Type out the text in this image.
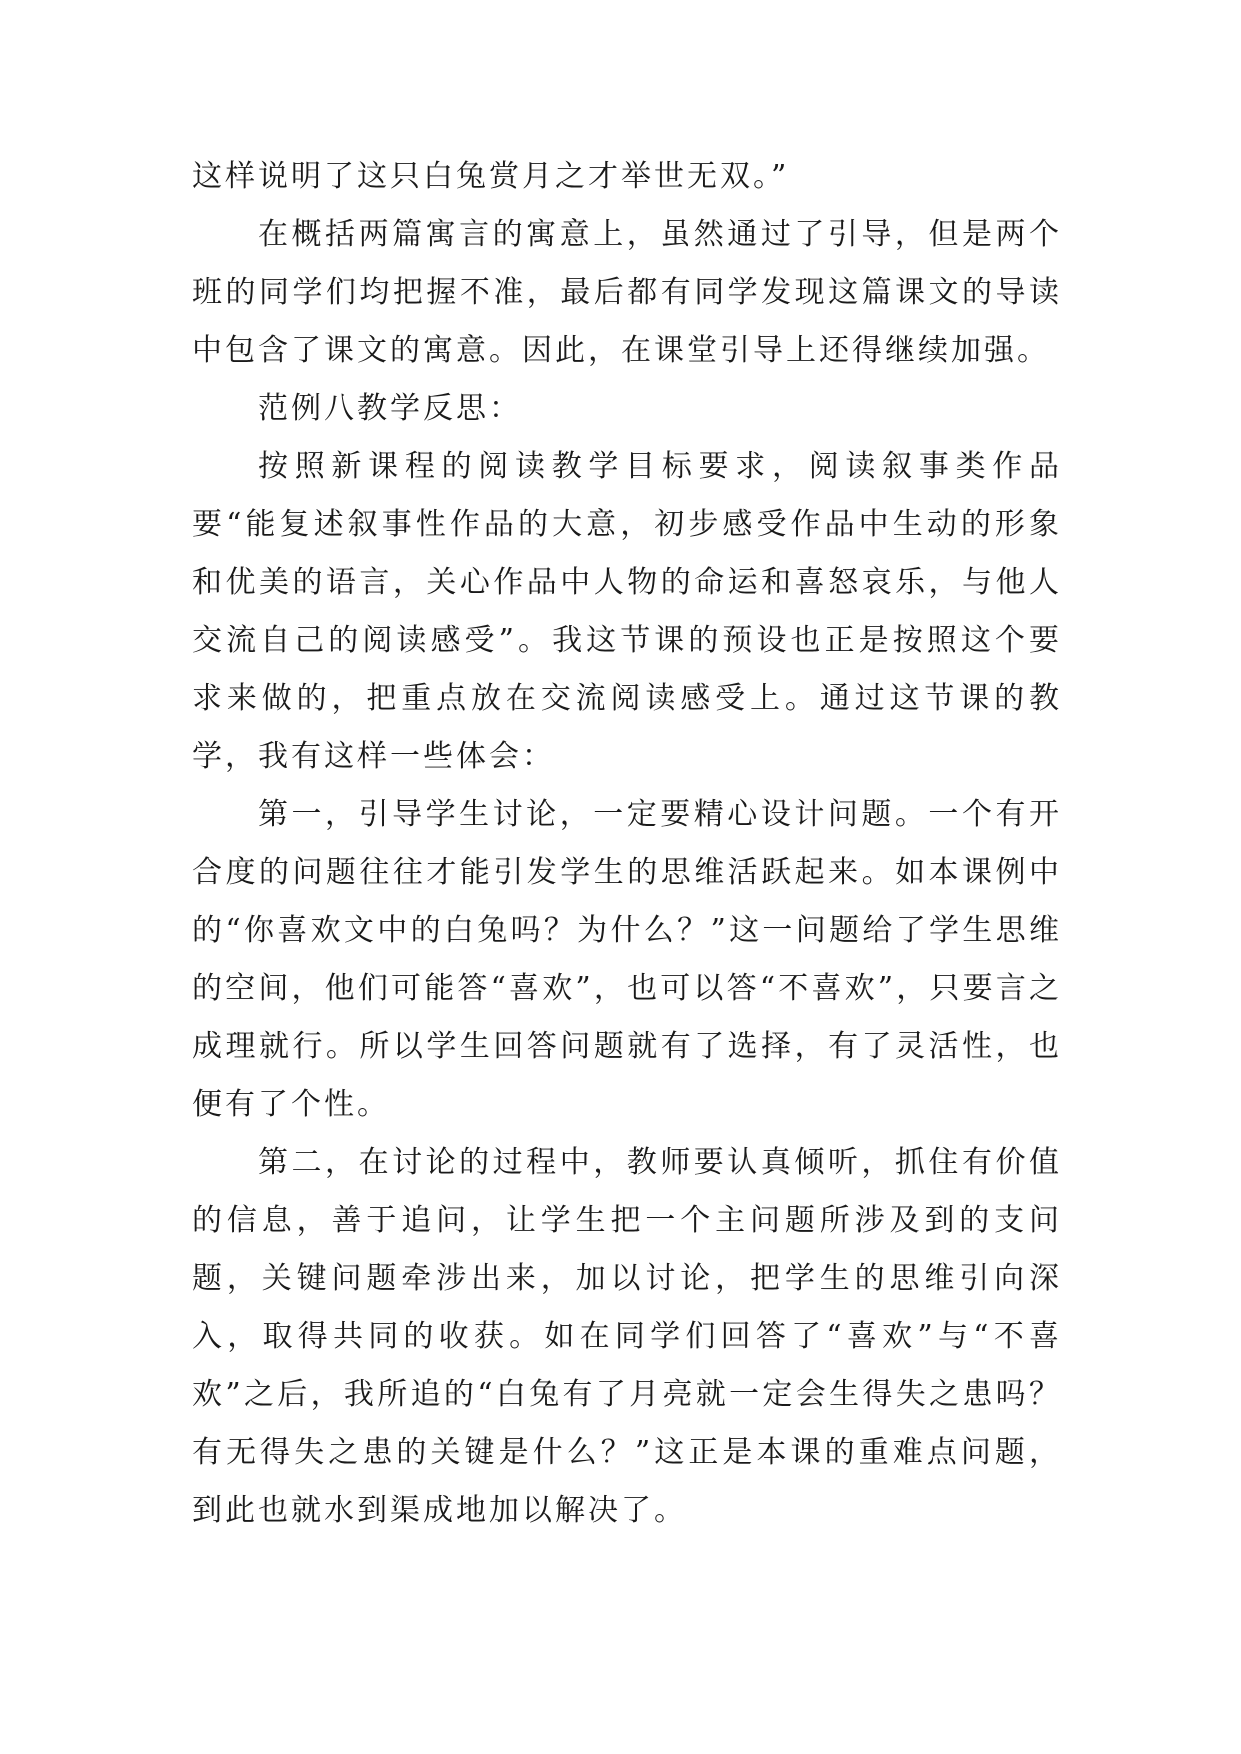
这样说明了这只白兔赏月之才举世无双。”

在概括两篇寓言的寓意上，虽然通过了引导，但是两个班的同学们均把握不准，最后都有同学发现这篇课文的导读中包含了课文的寓意。因此，在课堂引导上还得继续加强。

范例八教学反思：

按照新课程的阅读教学目标要求，阅读叙事类作品要“能复述叙事性作品的大意，初步感受作品中生动的形象和优美的语言，关心作品中人物的命运和喜怒哀乐，与他人交流自己的阅读感受”。我这节课的预设也正是按照这个要求来做的，把重点放在交流阅读感受上。通过这节课的教学，我有这样一些体会：

第一，引导学生讨论，一定要精心设计问题。一个有开合度的问题往往才能引发学生的思维活跃起来。如本课例中的“你喜欢文中的白兔吗？为什么？”这一问题给了学生思维的空间，他们可能答“喜欢”，也可以答“不喜欢”，只要言之成理就行。所以学生回答问题就有了选择，有了灵活性，也便有了个性。

第二，在讨论的过程中，教师要认真倾听，抓住有价值的信息，善于追问，让学生把一个主问题所涉及到的支问题，关键问题牵涉出来，加以讨论，把学生的思维引向深入，取得共同的收获。如在同学们回答了“喜欢”与“不喜欢”之后，我所追的“白兔有了月亮就一定会生得失之患吗？有无得失之患的关键是什么？”这正是本课的重难点问题，到此也就水到渠成地加以解决了。
